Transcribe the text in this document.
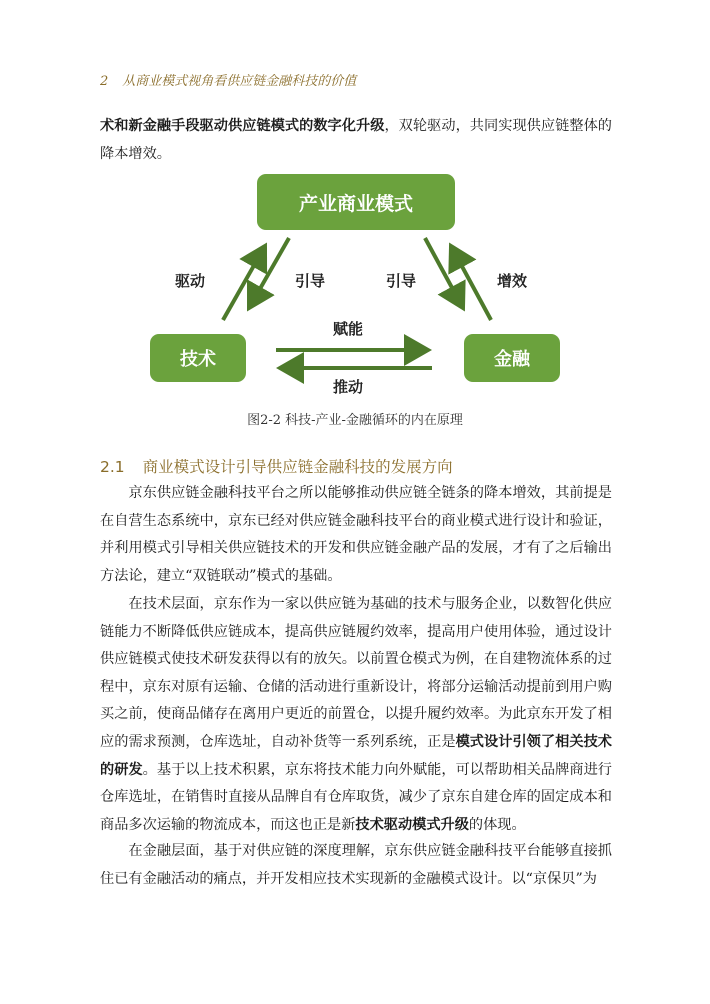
2 从商业模式视角看供应链金融科技的价值
术和新金融手段驱动供应链模式的数字化升级，双轮驱动，共同实现供应链整体的降本增效。
产业商业模式
技术	金融
驱动	引导	引导	增效
赋能
推动
图2-2 科技-产业-金融循环的内在原理
2.1 商业模式设计引导供应链金融科技的发展方向
京东供应链金融科技平台之所以能够推动供应链全链条的降本增效，其前提是在自营生态系统中，京东已经对供应链金融科技平台的商业模式进行设计和验证，并利用模式引导相关供应链技术的开发和供应链金融产品的发展，才有了之后输出方法论，建立“双链联动”模式的基础。
在技术层面，京东作为一家以供应链为基础的技术与服务企业，以数智化供应链能力不断降低供应链成本，提高供应链履约效率，提高用户使用体验，通过设计供应链模式使技术研发获得以有的放矢。以前置仓模式为例，在自建物流体系的过程中，京东对原有运输、仓储的活动进行重新设计，将部分运输活动提前到用户购买之前，使商品储存在离用户更近的前置仓，以提升履约效率。为此京东开发了相应的需求预测，仓库选址，自动补货等一系列系统，正是模式设计引领了相关技术的研发。基于以上技术积累，京东将技术能力向外赋能，可以帮助相关品牌商进行仓库选址，在销售时直接从品牌自有仓库取货，减少了京东自建仓库的固定成本和商品多次运输的物流成本，而这也正是新技术驱动模式升级的体现。
在金融层面，基于对供应链的深度理解，京东供应链金融科技平台能够直接抓住已有金融活动的痛点，并开发相应技术实现新的金融模式设计。以“京保贝”为
